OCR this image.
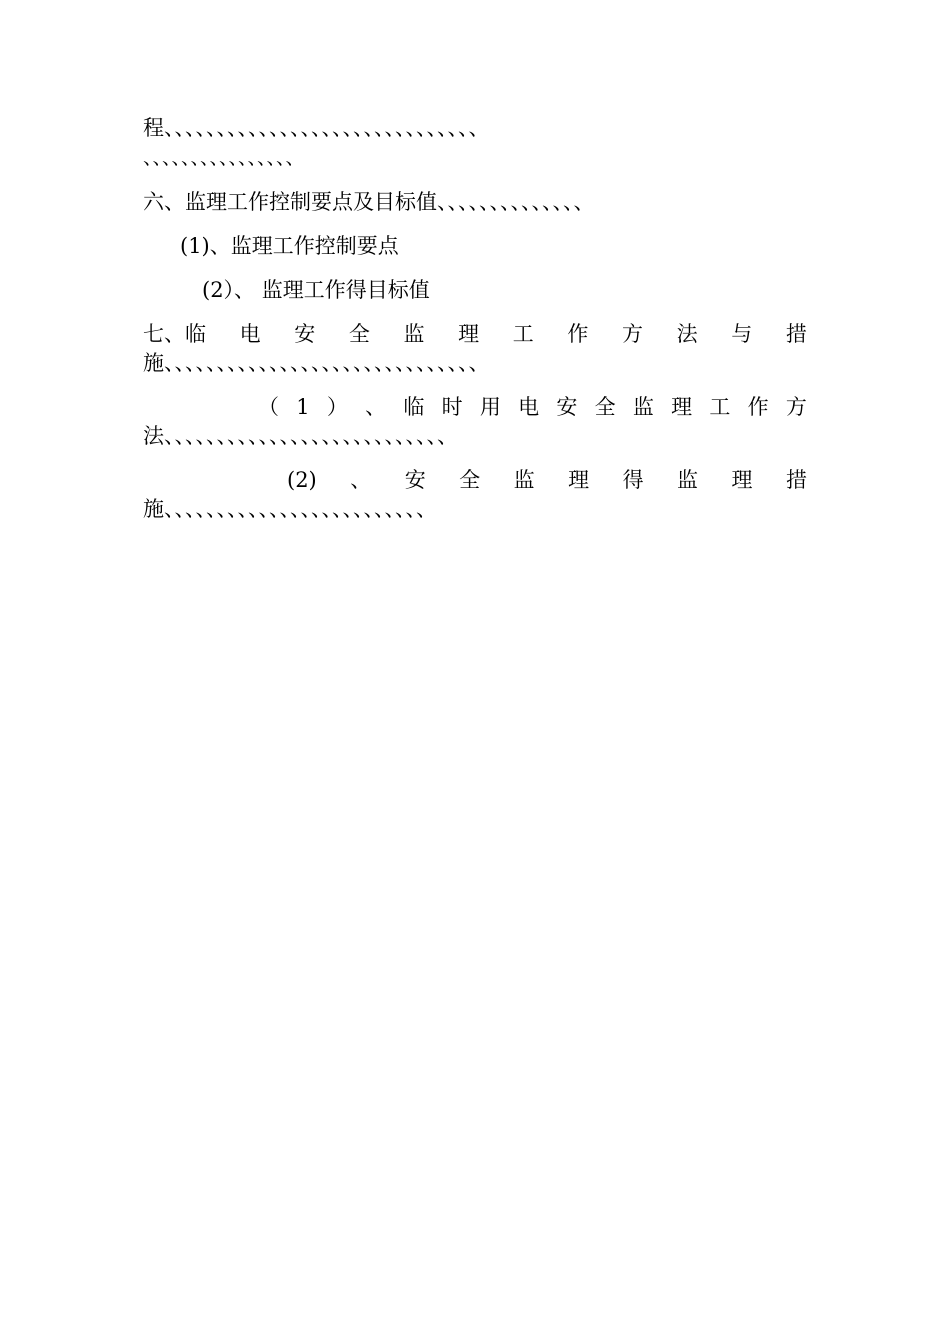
程、、、、、、、、、、、、、、、、、、、、、、、、、、、、、、
、、、、、、、、、、、、、、、、
六、监理工作控制要点及目标值、、、、、、、、、、、、、、
(1)、监理工作控制要点
(2）、 监理工作得目标值
七、临 电 安 全 监 理 工 作 方 法 与 措
施、、、、、、、、、、、、、、、、、、、、、、、、、、、、、、
（ 1 ） 、 临 时 用 电 安 全 监 理 工 作 方
法、、、、、、、、、、、、、、、、、、、、、、、、、、、
(2) 、 安 全 监 理 得 监 理 措
施、、、、、、、、、、、、、、、、、、、、、、、、、
